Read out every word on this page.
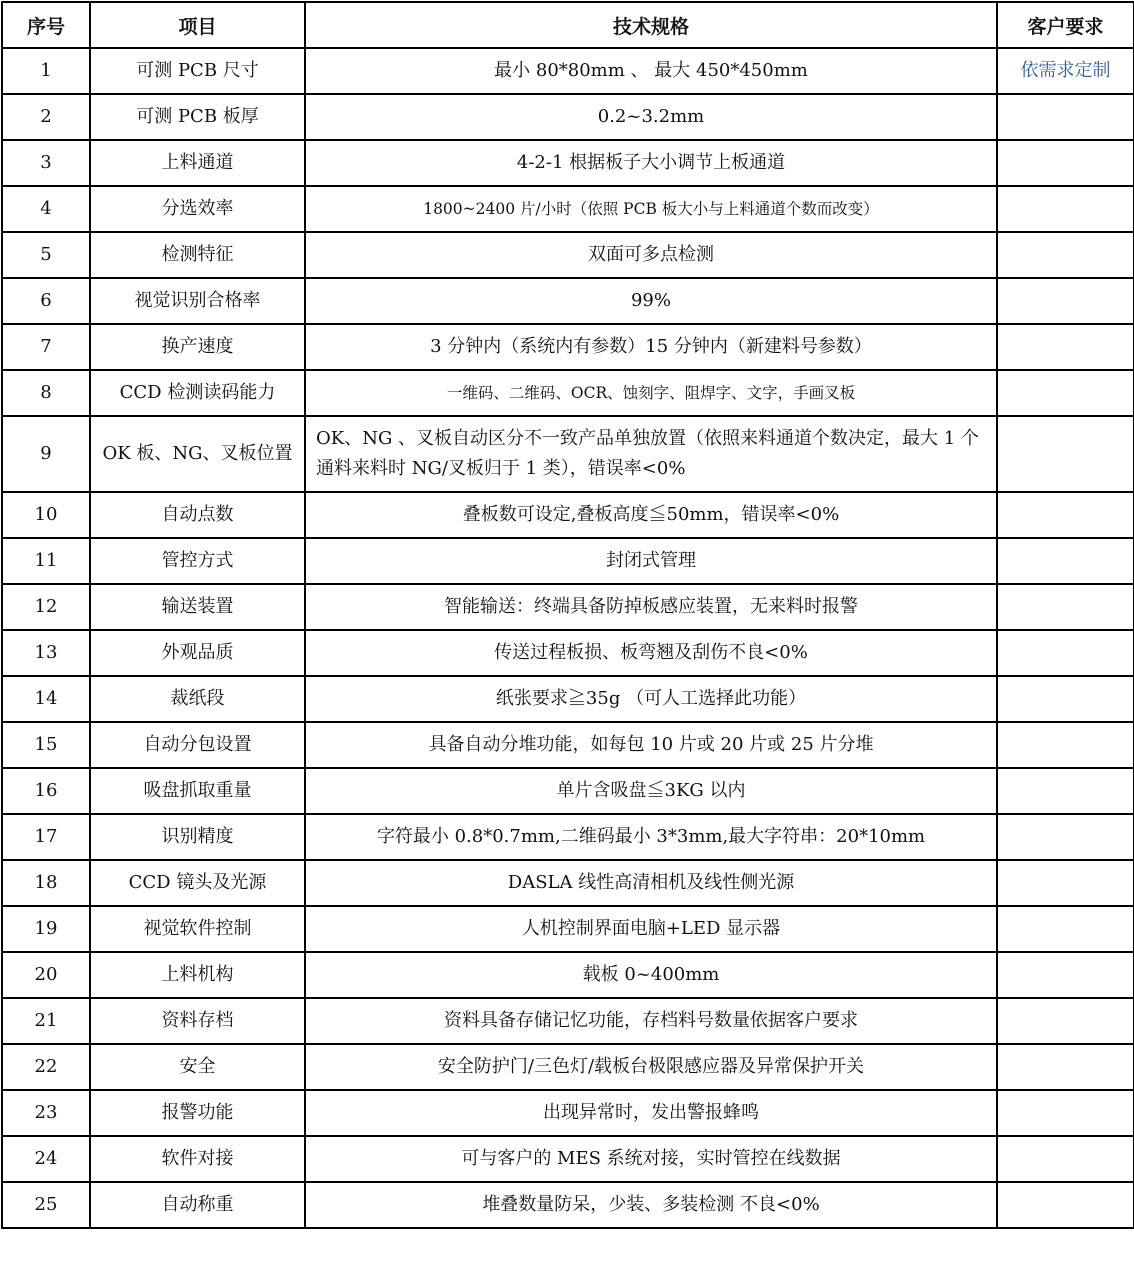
序号	项目	技术规格	客户要求
1	可测 PCB 尺寸	最小 80*80mm 、 最大 450*450mm	依需求定制
2	可测 PCB 板厚	0.2~3.2mm	
3	上料通道	4-2-1 根据板子大小调节上板通道	
4	分选效率	1800~2400 片/小时（依照 PCB 板大小与上料通道个数而改变）	
5	检测特征	双面可多点检测	
6	视觉识别合格率	99%	
7	换产速度	3 分钟内（系统内有参数）15 分钟内（新建料号参数）	
8	CCD 检测读码能力	一维码、二维码、OCR、蚀刻字、阻焊字、文字，手画叉板	
9	OK 板、NG、叉板位置	OK、NG 、叉板自动区分不一致产品单独放置（依照来料通道个数决定，最大 1 个通料来料时 NG/叉板归于 1 类），错误率<0%	
10	自动点数	叠板数可设定,叠板高度≦50mm，错误率<0%	
11	管控方式	封闭式管理	
12	输送装置	智能输送：终端具备防掉板感应装置，无来料时报警	
13	外观品质	传送过程板损、板弯翘及刮伤不良<0%	
14	裁纸段	纸张要求≧35g （可人工选择此功能）	
15	自动分包设置	具备自动分堆功能，如每包 10 片或 20 片或 25 片分堆	
16	吸盘抓取重量	单片含吸盘≦3KG 以内	
17	识别精度	字符最小 0.8*0.7mm,二维码最小 3*3mm,最大字符串：20*10mm	
18	CCD 镜头及光源	DASLA 线性高清相机及线性侧光源	
19	视觉软件控制	人机控制界面电脑+LED 显示器	
20	上料机构	载板 0~400mm	
21	资料存档	资料具备存储记忆功能，存档料号数量依据客户要求	
22	安全	安全防护门/三色灯/载板台极限感应器及异常保护开关	
23	报警功能	出现异常时，发出警报蜂鸣	
24	软件对接	可与客户的 MES 系统对接，实时管控在线数据	
25	自动称重	堆叠数量防呆，少装、多装检测 不良<0%	
